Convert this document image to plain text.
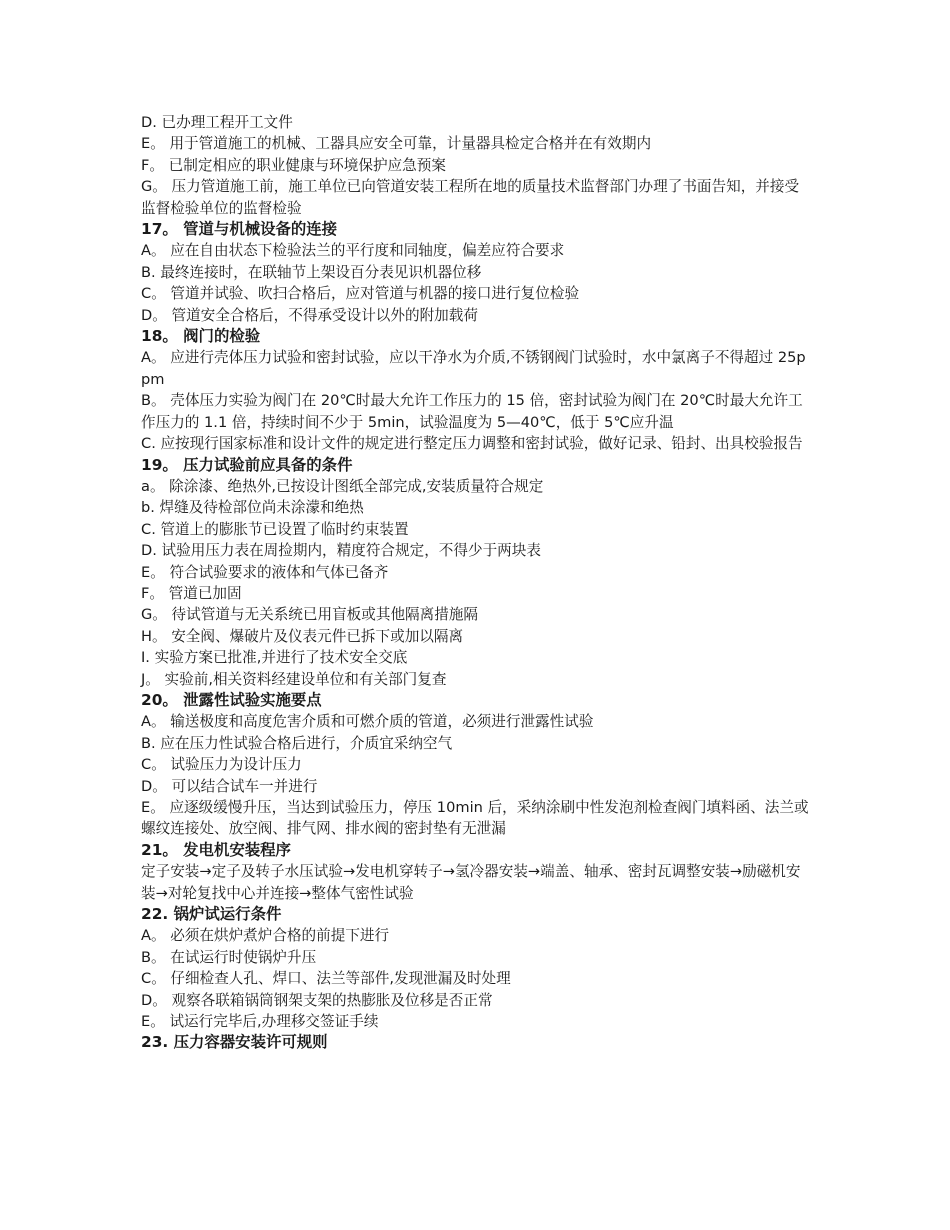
D. 已办理工程开工文件

E。 用于管道施工的机械、工器具应安全可靠，计量器具检定合格并在有效期内

F。 已制定相应的职业健康与环境保护应急预案

G。 压力管道施工前，施工单位已向管道安装工程所在地的质量技术监督部门办理了书面告知，并接受监督检验单位的监督检验

17。 管道与机械设备的连接

A。 应在自由状态下检验法兰的平行度和同轴度，偏差应符合要求

B. 最终连接时，在联轴节上架设百分表见识机器位移

C。 管道并试验、吹扫合格后，应对管道与机器的接口进行复位检验

D。 管道安全合格后，不得承受设计以外的附加载荷

18。 阀门的检验

A。 应进行壳体压力试验和密封试验，应以干净水为介质,不锈钢阀门试验时，水中氯离子不得超过 25ppm

B。 壳体压力实验为阀门在 20℃时最大允许工作压力的 15 倍，密封试验为阀门在 20℃时最大允许工作压力的 1.1 倍，持续时间不少于 5min，试验温度为 5—40℃，低于 5℃应升温

C. 应按现行国家标准和设计文件的规定进行整定压力调整和密封试验，做好记录、铅封、出具校验报告

19。 压力试验前应具备的条件

a。 除涂漆、绝热外,已按设计图纸全部完成,安装质量符合规定

b. 焊缝及待检部位尚未涂濛和绝热

C. 管道上的膨胀节已设置了临时约束装置

D. 试验用压力表在周捡期内，精度符合规定，不得少于两块表

E。 符合试验要求的液体和气体已备齐

F。 管道已加固

G。 待试管道与无关系统已用盲板或其他隔离措施隔

H。 安全阀、爆破片及仪表元件已拆下或加以隔离

I. 实验方案已批准,并进行了技术安全交底

J。 实验前,相关资料经建设单位和有关部门复查

20。 泄露性试验实施要点

A。 输送极度和高度危害介质和可燃介质的管道，必须进行泄露性试验

B. 应在压力性试验合格后进行，介质宜采纳空气

C。 试验压力为设计压力

D。 可以结合试车一并进行

E。 应逐级缓慢升压，当达到试验压力，停压 10min 后，采纳涂刷中性发泡剂检查阀门填料函、法兰或螺纹连接处、放空阀、排气网、排水阀的密封垫有无泄漏

21。 发电机安装程序

定子安装→定子及转子水压试验→发电机穿转子→氢冷器安装→端盖、轴承、密封瓦调整安装→励磁机安装→对轮复找中心并连接→整体气密性试验

22. 锅炉试运行条件

A。 必须在烘炉煮炉合格的前提下进行

B。 在试运行时使锅炉升压

C。 仔细检查人孔、焊口、法兰等部件,发现泄漏及时处理

D。 观察各联箱锅筒钢架支架的热膨胀及位移是否正常

E。 试运行完毕后,办理移交签证手续

23. 压力容器安装许可规则
